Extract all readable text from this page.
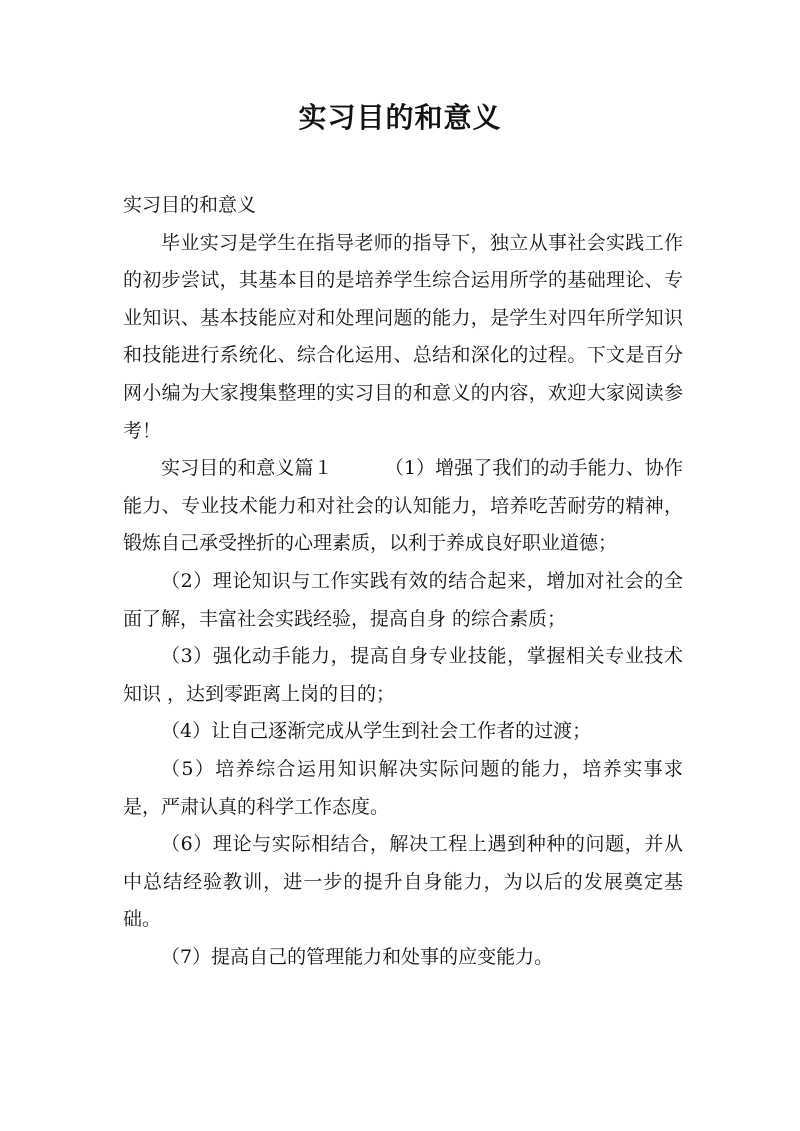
实习目的和意义

实习目的和意义

毕业实习是学生在指导老师的指导下，独立从事社会实践工作的初步尝试，其基本目的是培养学生综合运用所学的基础理论、专业知识、基本技能应对和处理问题的能力，是学生对四年所学知识和技能进行系统化、综合化运用、总结和深化的过程。下文是百分网小编为大家搜集整理的实习目的和意义的内容，欢迎大家阅读参考！

实习目的和意义篇１	（1）增强了我们的动手能力、协作能力、专业技术能力和对社会的认知能力，培养吃苦耐劳的精神，锻炼自己承受挫折的心理素质，以利于养成良好职业道德；

（2）理论知识与工作实践有效的结合起来，增加对社会的全面了解，丰富社会实践经验，提高自身 的综合素质；

（3）强化动手能力，提高自身专业技能，掌握相关专业技术知识 ，达到零距离上岗的目的；

（4）让自己逐渐完成从学生到社会工作者的过渡；

（5）培养综合运用知识解决实际问题的能力，培养实事求是，严肃认真的科学工作态度。

（6）理论与实际相结合，解决工程上遇到种种的问题，并从中总结经验教训，进一步的提升自身能力，为以后的发展奠定基础。

（7）提高自己的管理能力和处事的应变能力。
